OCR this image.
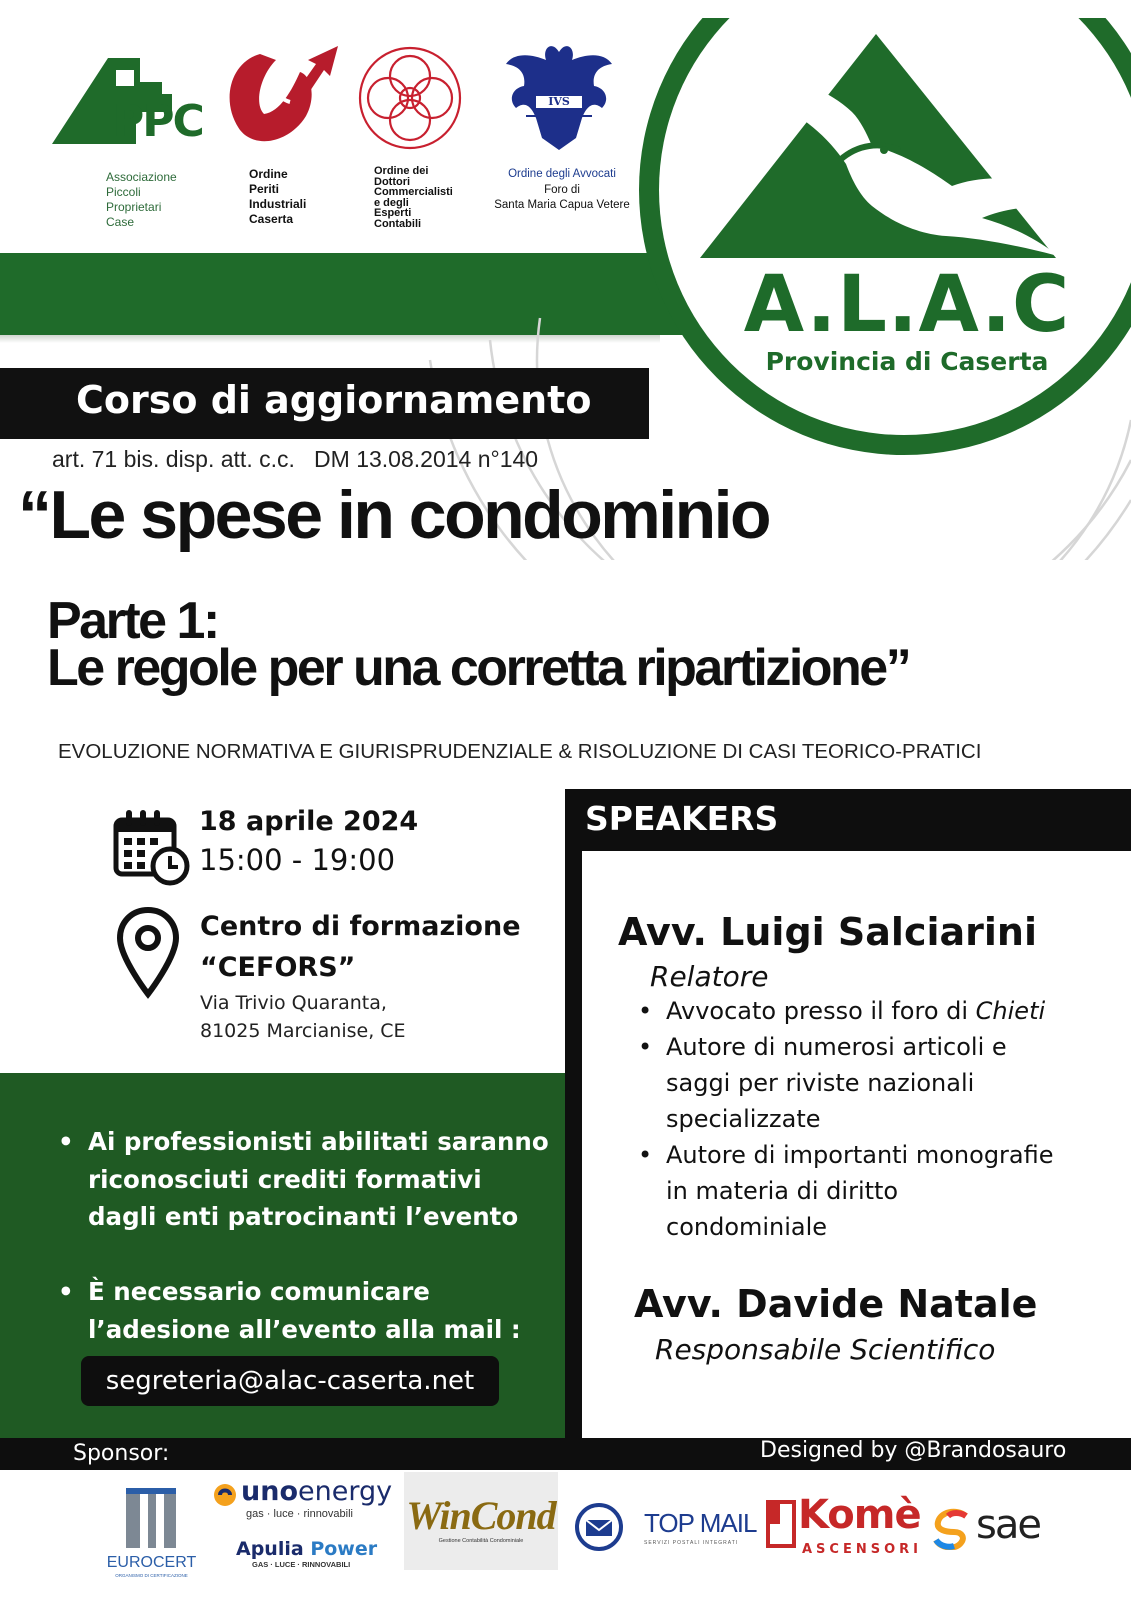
PPC
Associazione
Piccoli
Proprietari
Case
Ordine
Periti
Industriali
Caserta
Ordine dei
Dottori
Commercialisti
e degli
Esperti
Contabili
IVS
Ordine degli Avvocati
Foro di
Santa Maria Capua Vetere
A.L.A.C
Provincia di Caserta
Corso di aggiornamento
art. 71 bis. disp. att. c.c.   DM 13.08.2014 n°140
“Le spese in condominio
Parte 1:
Le regole per una corretta ripartizione”
EVOLUZIONE NORMATIVA E GIURISPRUDENZIALE & RISOLUZIONE DI CASI TEORICO-PRATICI
18 aprile 2024
15:00 - 19:00
Centro di formazione
“CEFORS”
Via Trivio Quaranta,
81025 Marcianise, CE
• Ai professionisti abilitati saranno
riconosciuti crediti formativi
dagli enti patrocinanti l’evento
• È necessario comunicare
l’adesione all’evento alla mail :
segreteria@alac-caserta.net
SPEAKERS
Avv. Luigi Salciarini
Relatore
• Avvocato presso il foro di Chieti
• Autore di numerosi articoli e
saggi per riviste nazionali
specializzate
• Autore di importanti monografie
in materia di diritto
condominiale
Avv. Davide Natale
Responsabile Scientifico
Sponsor:	Designed by @Brandosauro
EUROCERT
ORGANISMO DI CERTIFICAZIONE
unoenergy
gas · luce · rinnovabili
Apulia Power
GAS · LUCE · RINNOVABILI
WinCond
Gestione Contabilità Condominiale
TOP MAIL
SERVIZI POSTALI INTEGRATI
Komè
ASCENSORI
sae
